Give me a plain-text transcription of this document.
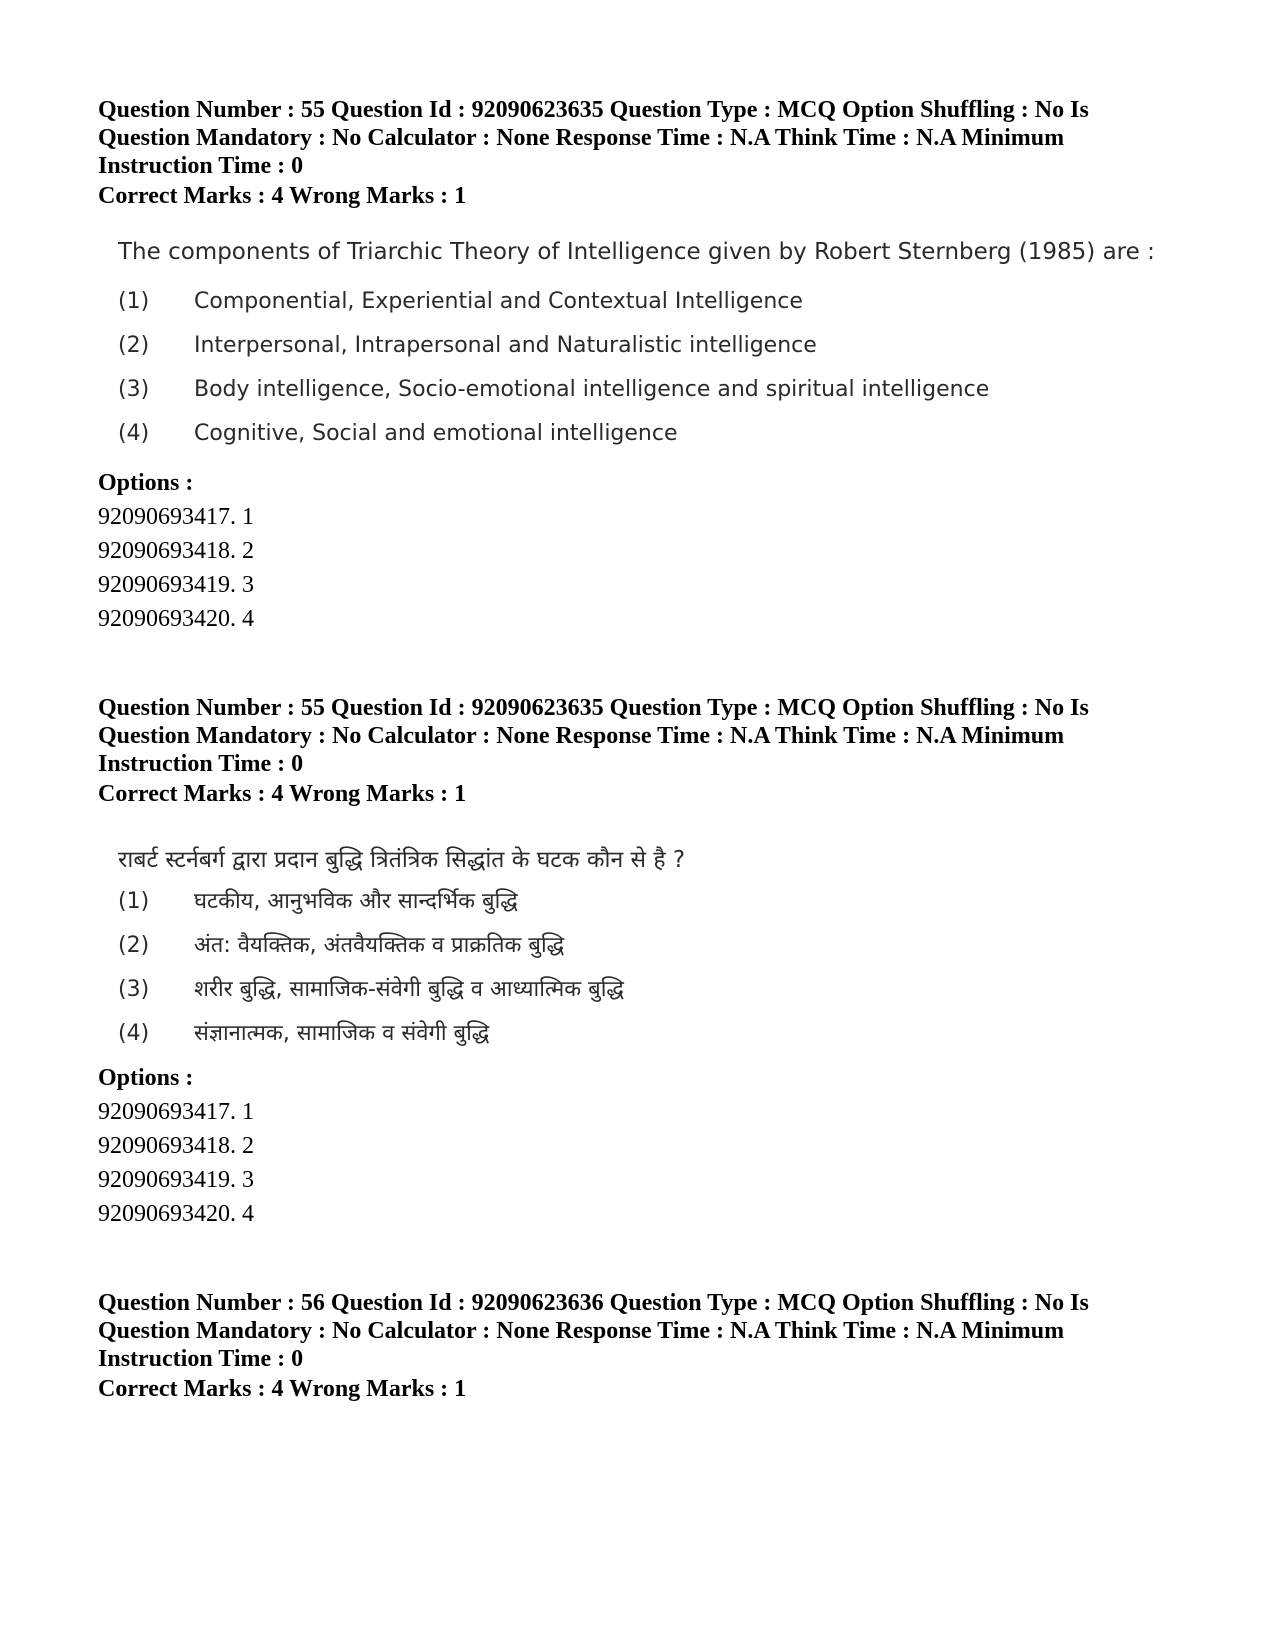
Question Number : 55 Question Id : 92090623635 Question Type : MCQ Option Shuffling : No Is
Question Mandatory : No Calculator : None Response Time : N.A Think Time : N.A Minimum
Instruction Time : 0
Correct Marks : 4 Wrong Marks : 1

The components of Triarchic Theory of Intelligence given by Robert Sternberg (1985) are :

(1) Componential, Experiential and Contextual Intelligence
(2) Interpersonal, Intrapersonal and Naturalistic intelligence
(3) Body intelligence, Socio-emotional intelligence and spiritual intelligence
(4) Cognitive, Social and emotional intelligence
Options :
92090693417. 1
92090693418. 2
92090693419. 3
92090693420. 4
Question Number : 55 Question Id : 92090623635 Question Type : MCQ Option Shuffling : No Is
Question Mandatory : No Calculator : None Response Time : N.A Think Time : N.A Minimum
Instruction Time : 0
Correct Marks : 4 Wrong Marks : 1

राबर्ट स्टर्नबर्ग द्वारा प्रदान बुद्धि त्रितंत्रिक सिद्धांत के घटक कौन से है ?

(1) घटकीय, आनुभविक और सान्दर्भिक बुद्धि
(2) अंत: वैयक्तिक, अंतवैयक्तिक व प्राक्रतिक बुद्धि
(3) शरीर बुद्धि, सामाजिक-संवेगी बुद्धि व आध्यात्मिक बुद्धि
(4) संज्ञानात्मक, सामाजिक व संवेगी बुद्धि
Options :
92090693417. 1
92090693418. 2
92090693419. 3
92090693420. 4
Question Number : 56 Question Id : 92090623636 Question Type : MCQ Option Shuffling : No Is
Question Mandatory : No Calculator : None Response Time : N.A Think Time : N.A Minimum
Instruction Time : 0
Correct Marks : 4 Wrong Marks : 1
